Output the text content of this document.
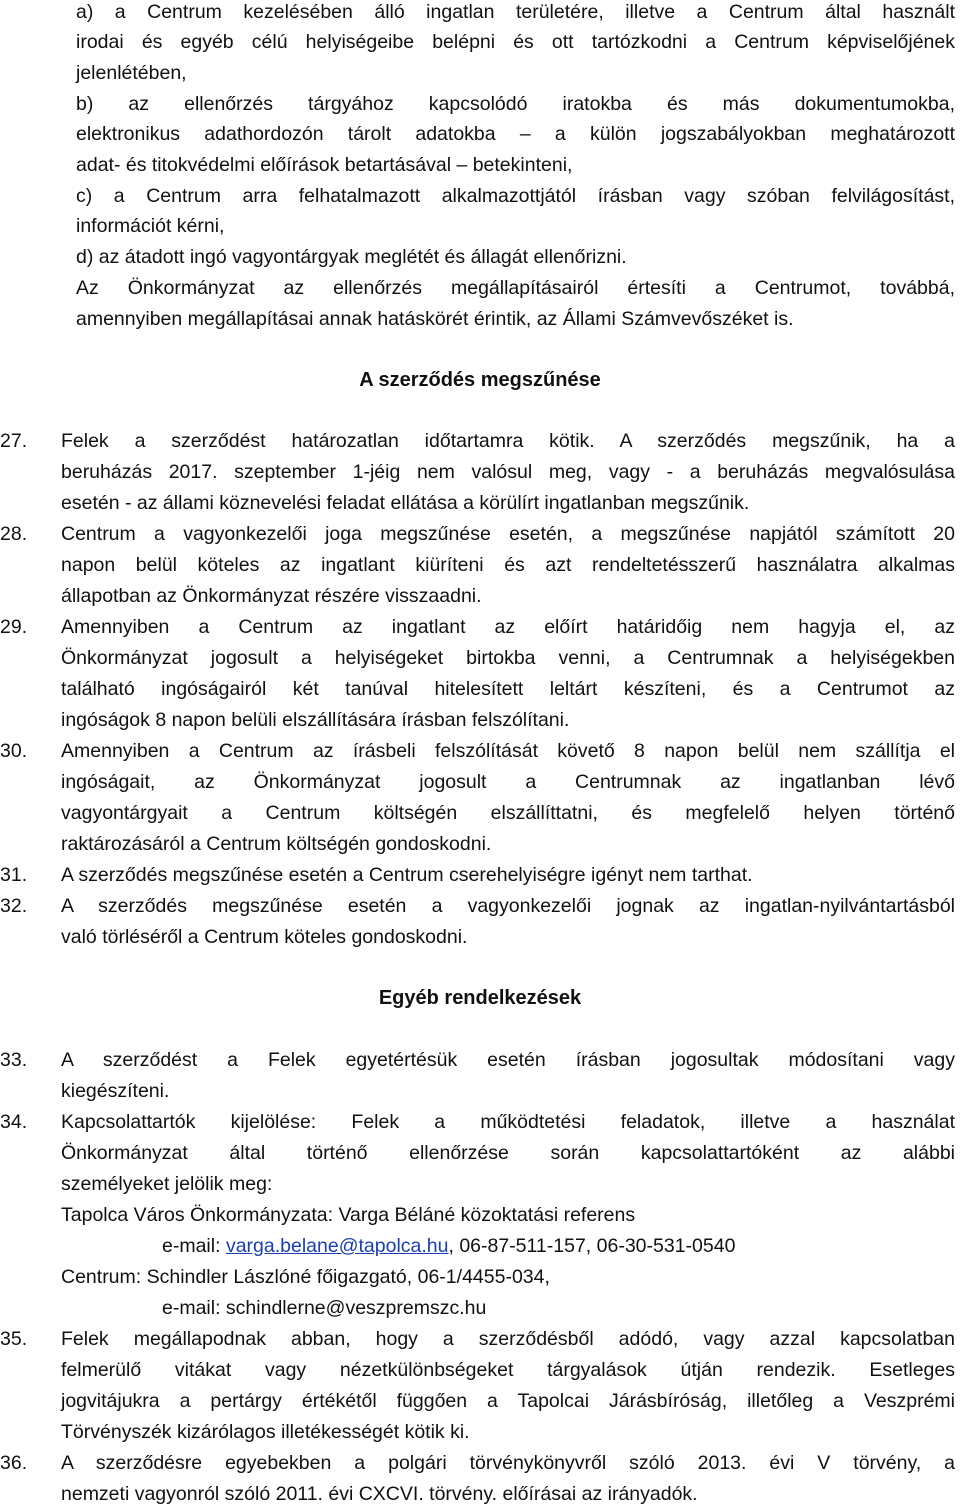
a) a Centrum kezelésében álló ingatlan területére, illetve a Centrum által használt
irodai és egyéb célú helyiségeibe belépni és ott tartózkodni a Centrum képviselőjének
jelenlétében,
b) az ellenőrzés tárgyához kapcsolódó iratokba és más dokumentumokba,
elektronikus adathordozón tárolt adatokba – a külön jogszabályokban meghatározott
adat- és titokvédelmi előírások betartásával – betekinteni,
c) a Centrum arra felhatalmazott alkalmazottjától írásban vagy szóban felvilágosítást,
információt kérni,
d) az átadott ingó vagyontárgyak meglétét és állagát ellenőrizni.
Az Önkormányzat az ellenőrzés megállapításairól értesíti a Centrumot, továbbá,
amennyiben megállapításai annak hatáskörét érintik, az Állami Számvevőszéket is.
A szerződés megszűnése
27. Felek a szerződést határozatlan időtartamra kötik. A szerződés megszűnik, ha a
beruházás 2017. szeptember 1-jéig nem valósul meg, vagy - a beruházás megvalósulása
esetén - az állami köznevelési feladat ellátása a körülírt ingatlanban megszűnik.
28. Centrum a vagyonkezelői joga megszűnése esetén, a megszűnése napjától számított 20
napon belül köteles az ingatlant kiüríteni és azt rendeltetésszerű használatra alkalmas
állapotban az Önkormányzat részére visszaadni.
29. Amennyiben a Centrum az ingatlant az előírt határidőig nem hagyja el, az
Önkormányzat jogosult a helyiségeket birtokba venni, a Centrumnak a helyiségekben
található ingóságairól két tanúval hitelesített leltárt készíteni, és a Centrumot az
ingóságok 8 napon belüli elszállítására írásban felszólítani.
30. Amennyiben a Centrum az írásbeli felszólítását követő 8 napon belül nem szállítja el
ingóságait, az Önkormányzat jogosult a Centrumnak az ingatlanban lévő
vagyontárgyait a Centrum költségén elszállíttatni, és megfelelő helyen történő
raktározásáról a Centrum költségén gondoskodni.
31. A szerződés megszűnése esetén a Centrum cserehelyiségre igényt nem tarthat.
32. A szerződés megszűnése esetén a vagyonkezelői jognak az ingatlan-nyilvántartásból
való törléséről a Centrum köteles gondoskodni.
Egyéb rendelkezések
33. A szerződést a Felek egyetértésük esetén írásban jogosultak módosítani vagy
kiegészíteni.
34. Kapcsolattartók kijelölése: Felek a működtetési feladatok, illetve a használat
Önkormányzat által történő ellenőrzése során kapcsolattartóként az alábbi
személyeket jelölik meg:
Tapolca Város Önkormányzata: Varga Béláné közoktatási referens
e-mail: varga.belane@tapolca.hu, 06-87-511-157, 06-30-531-0540
Centrum: Schindler Lászlóné főigazgató, 06-1/4455-034,
e-mail: schindlerne@veszpremszc.hu
35. Felek megállapodnak abban, hogy a szerződésből adódó, vagy azzal kapcsolatban
felmerülő vitákat vagy nézetkülönbségeket tárgyalások útján rendezik. Esetleges
jogvitájukra a pertárgy értékétől függően a Tapolcai Járásbíróság, illetőleg a Veszprémi
Törvényszék kizárólagos illetékességét kötik ki.
36. A szerződésre egyebekben a polgári törvénykönyvről szóló 2013. évi V törvény, a
nemzeti vagyonról szóló 2011. évi CXCVI. törvény. előírásai az irányadók.
